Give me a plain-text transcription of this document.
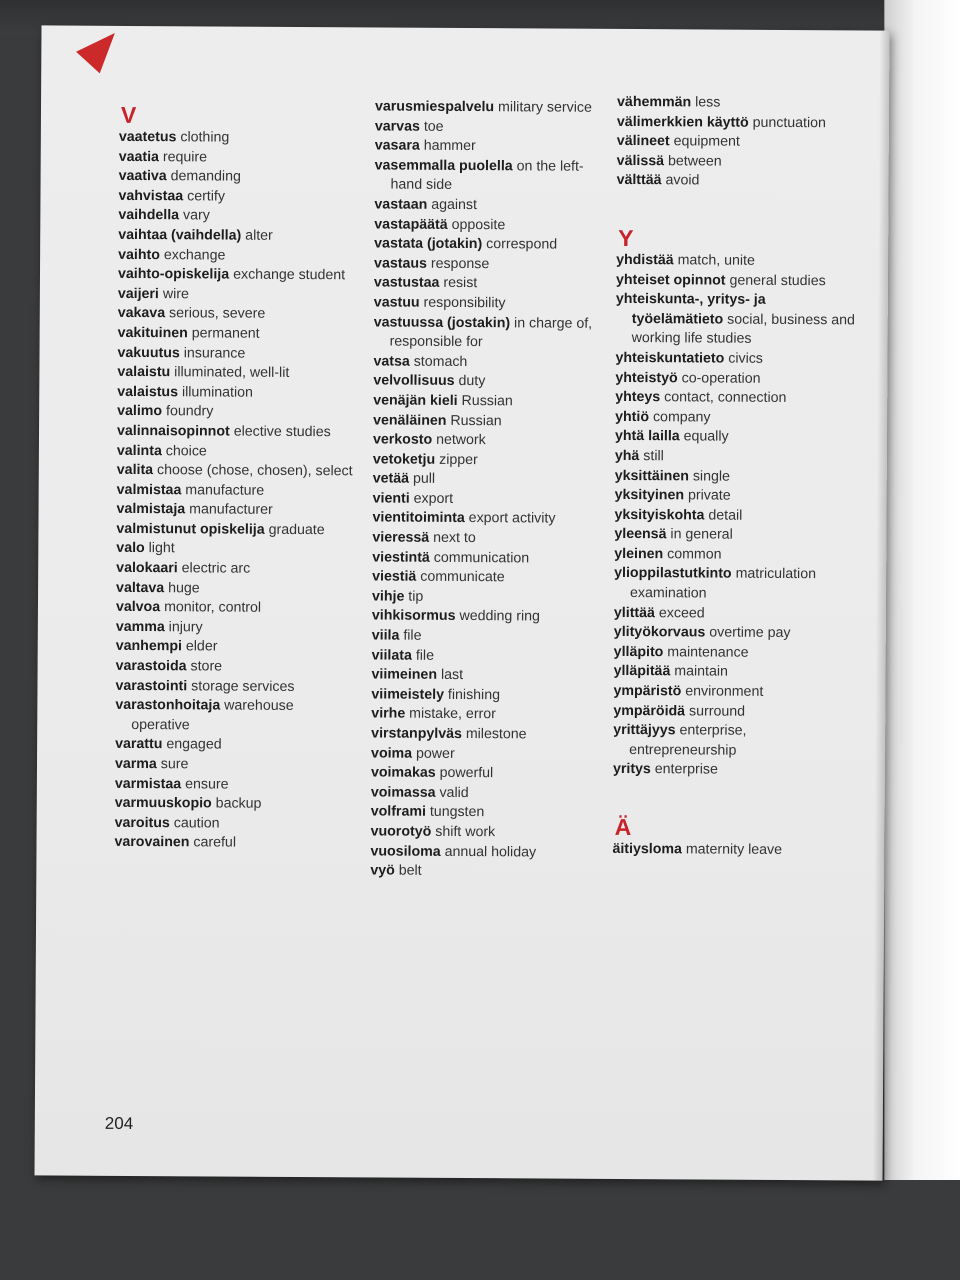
V
vaatetus clothing
vaatia require
vaativa demanding
vahvistaa certify
vaihdella vary
vaihtaa (vaihdella) alter
vaihto exchange
vaihto-opiskelija exchange student
vaijeri wire
vakava serious, severe
vakituinen permanent
vakuutus insurance
valaistu illuminated, well-lit
valaistus illumination
valimo foundry
valinnaisopinnot elective studies
valinta choice
valita choose (chose, chosen), select
valmistaa manufacture
valmistaja manufacturer
valmistunut opiskelija graduate
valo light
valokaari electric arc
valtava huge
valvoa monitor, control
vamma injury
vanhempi elder
varastoida store
varastointi storage services
varastonhoitaja warehouse operative
varattu engaged
varma sure
varmistaa ensure
varmuuskopio backup
varoitus caution
varovainen careful
varusmiespalvelu military service
varvas toe
vasara hammer
vasemmalla puolella on the left-hand side
vastaan against
vastapäätä opposite
vastata (jotakin) correspond
vastaus response
vastustaa resist
vastuu responsibility
vastuussa (jostakin) in charge of, responsible for
vatsa stomach
velvollisuus duty
venäjän kieli Russian
venäläinen Russian
verkosto network
vetoketju zipper
vetää pull
vienti export
vientitoiminta export activity
vieressä next to
viestintä communication
viestiä communicate
vihje tip
vihkisormus wedding ring
viila file
viilata file
viimeinen last
viimeistely finishing
virhe mistake, error
virstanpylväs milestone
voima power
voimakas powerful
voimassa valid
volframi tungsten
vuorotyö shift work
vuosiloma annual holiday
vyö belt
vähemmän less
välimerkkien käyttö punctuation
välineet equipment
välissä between
välttää avoid
Y
yhdistää match, unite
yhteiset opinnot general studies
yhteiskunta-, yritys- ja työelämätieto social, business and working life studies
yhteiskuntatieto civics
yhteistyö co-operation
yhteys contact, connection
yhtiö company
yhtä lailla equally
yhä still
yksittäinen single
yksityinen private
yksityiskohta detail
yleensä in general
yleinen common
ylioppilastutkinto matriculation examination
ylittää exceed
ylityökorvaus overtime pay
ylläpito maintenance
ylläpitää maintain
ympäristö environment
ympäröidä surround
yrittäjyys enterprise, entrepreneurship
yritys enterprise
Ä
äitiysloma maternity leave
204
